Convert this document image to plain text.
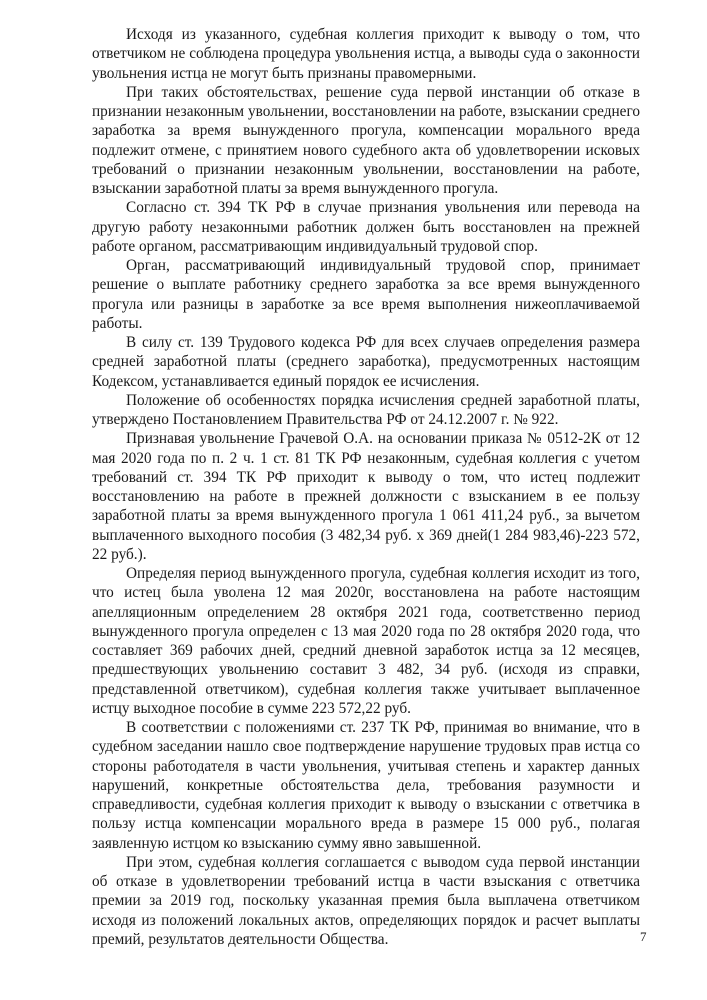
Исходя из указанного, судебная коллегия приходит к выводу о том, что ответчиком не соблюдена процедура увольнения истца, а выводы суда о законности увольнения истца не могут быть признаны правомерными.

При таких обстоятельствах, решение суда первой инстанции об отказе в признании незаконным увольнении, восстановлении на работе, взыскании среднего заработка за время вынужденного прогула, компенсации морального вреда подлежит отмене, с принятием нового судебного акта об удовлетворении исковых требований о признании незаконным увольнении, восстановлении на работе, взыскании заработной платы за время вынужденного прогула.

Согласно ст. 394 ТК РФ в случае признания увольнения или перевода на другую работу незаконными работник должен быть восстановлен на прежней работе органом, рассматривающим индивидуальный трудовой спор.

Орган, рассматривающий индивидуальный трудовой спор, принимает решение о выплате работнику среднего заработка за все время вынужденного прогула или разницы в заработке за все время выполнения нижеоплачиваемой работы.

В силу ст. 139 Трудового кодекса РФ для всех случаев определения размера средней заработной платы (среднего заработка), предусмотренных настоящим Кодексом, устанавливается единый порядок ее исчисления.

Положение об особенностях порядка исчисления средней заработной платы, утверждено Постановлением Правительства РФ от 24.12.2007 г. № 922.

Признавая увольнение Грачевой О.А. на основании приказа № 0512-2К от 12 мая 2020 года по п. 2 ч. 1 ст. 81 ТК РФ незаконным, судебная коллегия с учетом требований ст. 394 ТК РФ приходит к выводу о том, что истец подлежит восстановлению на работе в прежней должности с взысканием в ее пользу заработной платы за время вынужденного прогула 1 061 411,24 руб., за вычетом выплаченного выходного пособия (3 482,34 руб. х 369 дней(1 284 983,46)-223 572, 22 руб.).

Определяя период вынужденного прогула, судебная коллегия исходит из того, что истец была уволена 12 мая 2020г, восстановлена на работе настоящим апелляционным определением 28 октября 2021 года, соответственно период вынужденного прогула определен с 13 мая 2020 года по 28 октября 2020 года, что составляет 369 рабочих дней, средний дневной заработок истца за 12 месяцев, предшествующих увольнению составит 3 482, 34 руб. (исходя из справки, представленной ответчиком), судебная коллегия также учитывает выплаченное истцу выходное пособие в сумме 223 572,22 руб.

В соответствии с положениями ст. 237 ТК РФ, принимая во внимание, что в судебном заседании нашло свое подтверждение нарушение трудовых прав истца со стороны работодателя в части увольнения, учитывая степень и характер данных нарушений, конкретные обстоятельства дела, требования разумности и справедливости, судебная коллегия приходит к выводу о взыскании с ответчика в пользу истца компенсации морального вреда в размере 15 000 руб., полагая заявленную истцом ко взысканию сумму явно завышенной.

При этом, судебная коллегия соглашается с выводом суда первой инстанции об отказе в удовлетворении требований истца в части взыскания с ответчика премии за 2019 год, поскольку указанная премия была выплачена ответчиком исходя из положений локальных актов, определяющих порядок и расчет выплаты премий, результатов деятельности Общества.	7
